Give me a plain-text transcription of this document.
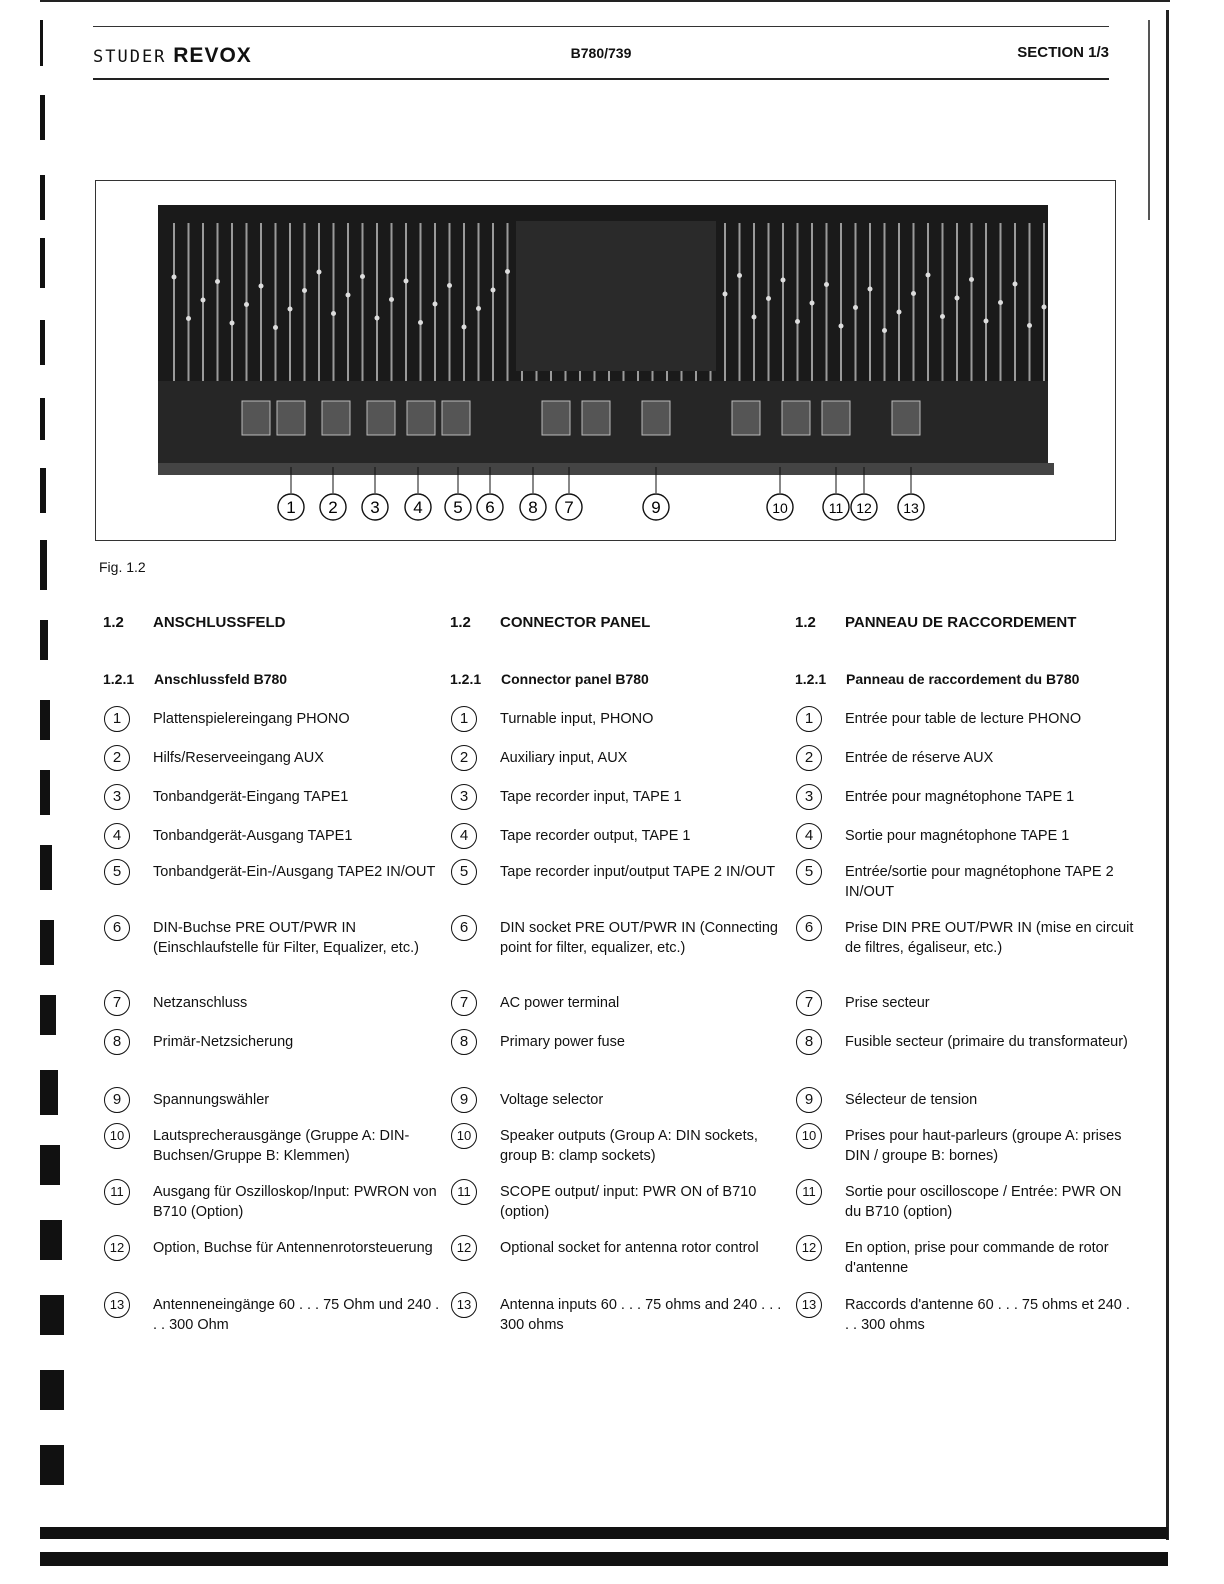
STUDER REVOX	B780/739	SECTION 1/3
1 2 3 4 5 6 8 7	9	10	11 12 13
Fig. 1.2
1.2 ANSCHLUSSFELD
1.2.1 Anschlussfeld B780
1	Plattenspielereingang PHONO
2	Hilfs/Reserveeingang AUX
3	Tonbandgerät-Eingang TAPE1
4	Tonbandgerät-Ausgang TAPE1
5	Tonbandgerät-Ein-/Ausgang TAPE2 IN/OUT
6	DIN-Buchse PRE OUT/PWR IN (Einschlaufstelle für Filter, Equalizer, etc.)
7	Netzanschluss
8	Primär-Netzsicherung
9	Spannungswähler
10	Lautsprecherausgänge (Gruppe A: DIN-Buchsen/Gruppe B: Klemmen)
11	Ausgang für Oszilloskop/Input: PWRON von B710 (Option)
12	Option, Buchse für Antennenrotorsteuerung
13	Antenneneingänge 60 . . . 75 Ohm und 240 . . . 300 Ohm
1.2 CONNECTOR PANEL
1.2.1 Connector panel B780
1	Turnable input, PHONO
2	Auxiliary input, AUX
3	Tape recorder input, TAPE 1
4	Tape recorder output, TAPE 1
5	Tape recorder input/output TAPE 2 IN/OUT
6	DIN socket PRE OUT/PWR IN (Connecting point for filter, equalizer, etc.)
7	AC power terminal
8	Primary power fuse
9	Voltage selector
10	Speaker outputs (Group A: DIN sockets, group B: clamp sockets)
11	SCOPE output/ input: PWR ON of B710 (option)
12	Optional socket for antenna rotor control
13	Antenna inputs 60 . . . 75 ohms and 240 . . . 300 ohms
1.2 PANNEAU DE RACCORDEMENT
1.2.1 Panneau de raccordement du B780
1	Entrée pour table de lecture PHONO
2	Entrée de réserve AUX
3	Entrée pour magnétophone TAPE 1
4	Sortie pour magnétophone TAPE 1
5	Entrée/sortie pour magnétophone TAPE 2 IN/OUT
6	Prise DIN PRE OUT/PWR IN (mise en circuit de filtres, égaliseur, etc.)
7	Prise secteur
8	Fusible secteur (primaire du transformateur)
9	Sélecteur de tension
10	Prises pour haut-parleurs (groupe A: prises DIN / groupe B: bornes)
11	Sortie pour oscilloscope / Entrée: PWR ON du B710 (option)
12	En option, prise pour commande de rotor d'antenne
13	Raccords d'antenne 60 . . . 75 ohms et 240 . . . 300 ohms
